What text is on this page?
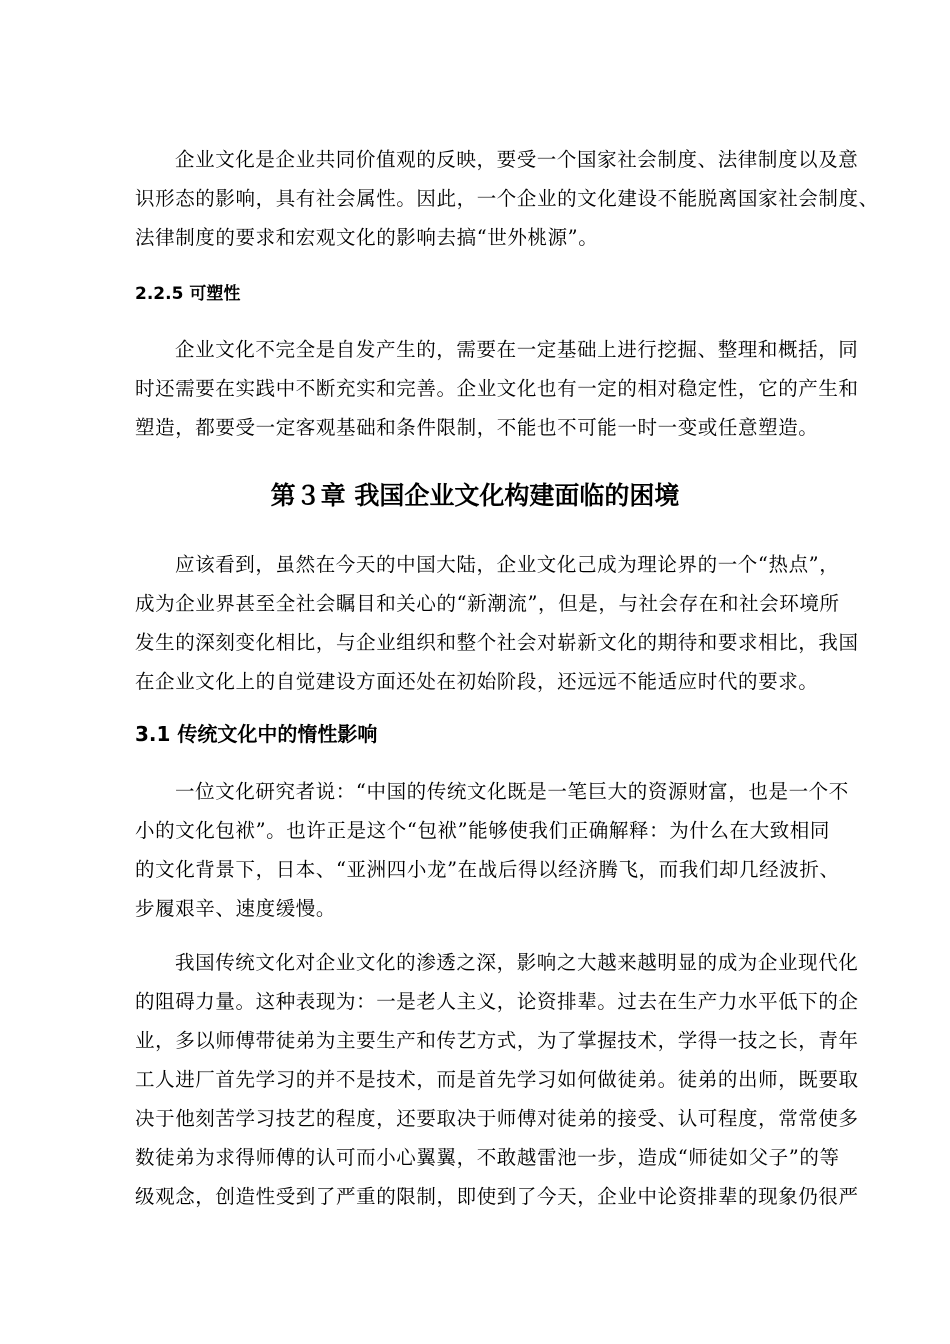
企业文化是企业共同价值观的反映，要受一个国家社会制度、法律制度以及意
识形态的影响，具有社会属性。因此，一个企业的文化建设不能脱离国家社会制度、
法律制度的要求和宏观文化的影响去搞“世外桃源”。
2.2.5 可塑性
企业文化不完全是自发产生的，需要在一定基础上进行挖掘、整理和概括，同
时还需要在实践中不断充实和完善。企业文化也有一定的相对稳定性，它的产生和
塑造，都要受一定客观基础和条件限制，不能也不可能一时一变或任意塑造。
第３章 我国企业文化构建面临的困境
应该看到，虽然在今天的中国大陆，企业文化己成为理论界的一个“热点”，
成为企业界甚至全社会瞩目和关心的“新潮流”，但是，与社会存在和社会环境所
发生的深刻变化相比，与企业组织和整个社会对崭新文化的期待和要求相比，我国
在企业文化上的自觉建设方面还处在初始阶段，还远远不能适应时代的要求。
3.1 传统文化中的惰性影响
一位文化研究者说：“中国的传统文化既是一笔巨大的资源财富，也是一个不
小的文化包袱”。也许正是这个“包袱”能够使我们正确解释：为什么在大致相同
的文化背景下，日本、“亚洲四小龙”在战后得以经济腾飞，而我们却几经波折、
步履艰辛、速度缓慢。
我国传统文化对企业文化的渗透之深，影响之大越来越明显的成为企业现代化
的阻碍力量。这种表现为：一是老人主义，论资排辈。过去在生产力水平低下的企
业，多以师傅带徒弟为主要生产和传艺方式，为了掌握技术，学得一技之长，青年
工人进厂首先学习的并不是技术，而是首先学习如何做徒弟。徒弟的出师，既要取
决于他刻苦学习技艺的程度，还要取决于师傅对徒弟的接受、认可程度，常常使多
数徒弟为求得师傅的认可而小心翼翼，不敢越雷池一步，造成“师徒如父子”的等
级观念，创造性受到了严重的限制，即使到了今天，企业中论资排辈的现象仍很严
